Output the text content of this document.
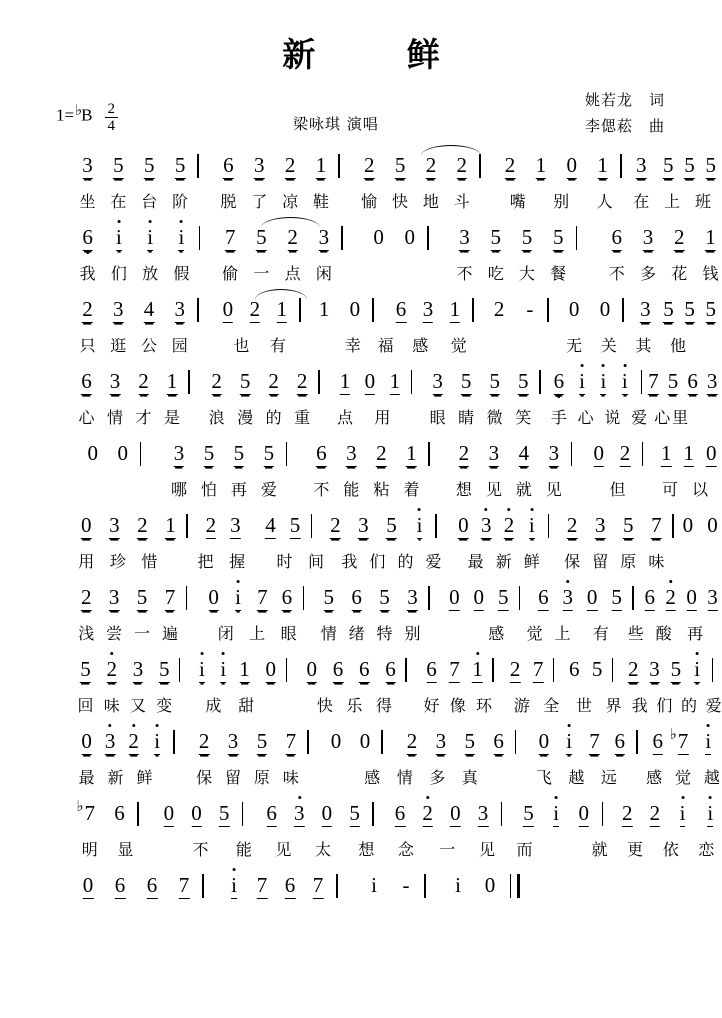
新 鲜
1=♭B $\frac{2}{4}$	梁咏琪 演唱
姚若龙 词
李偲菘 曲
3 5 5 5 6 3 2 1 2 5 2 2 2 1 0 1 3 5 5 5
坐 在 台 阶 脱 了 凉 鞋 愉 快 地 斗 嘴 别 人 在 上 班
6 i i i 7 5 2 3 0 0 3 5 5 5 6 3 2 1
我 们 放 假 偷 一 点 闲	不 吃 大 餐	不 多 花 钱
2 3 4 3 0 2 1 1 0 6 3 1 2 - 0 0 3 5 5 5
只 逛 公 园	也 有	幸 福 感 觉	无 关 其 他
6 3 2 1 2 5 2 2 1 0 1 3 5 5 5 6 i i i 7 5 6 3
心 情 才 是 浪 漫 的 重 点 用 眼 睛 微 笑 手 心 说 爱 心 里
0 0 3 5 5 5 6 3 2 1 2 3 4 3 0 2 1 1 0
哪 怕 再 爱 不 能 粘 着 想 见 就 见	但 可 以
0 3 2 1 2 3 4 5 2 3 5 i 0 3 2 i 2 3 5 7 0 0
用 珍 惜	把 握 时 间 我 们 的 爱 最 新 鲜 保 留 原 味
2 3 5 7 0 i 7 6 5 6 5 3 0 0 5 6 3 0 5 6 2 0 3
浅 尝 一 遍 闭 上 眼 情 绪 特 别	感 觉 上 有 些 酸 再
5 2 3 5 i i 1 0 0 6 6 6 6 7 1 2 7 6 5 2 3 5 i
回 味 又 变 成 甜	快 乐 得 好 像 环 游 全 世 界 我 们 的 爱
0 3 2 i 2 3 5 7 0 0 2 3 5 6 0 i 7 6 6 7
♭ i
最 新 鲜	保 留 原 味	感 情 多 真	飞 越 远 感 觉 越
7
♭ 6 0 0 5 6 3 0 5 6 2 0 3 5 i 0 2 2 i i
明 显	不 能 见 太 想 念 一 见 而	就 更 依 恋
0 6 6 7 i 7 6 7 i - i 0
